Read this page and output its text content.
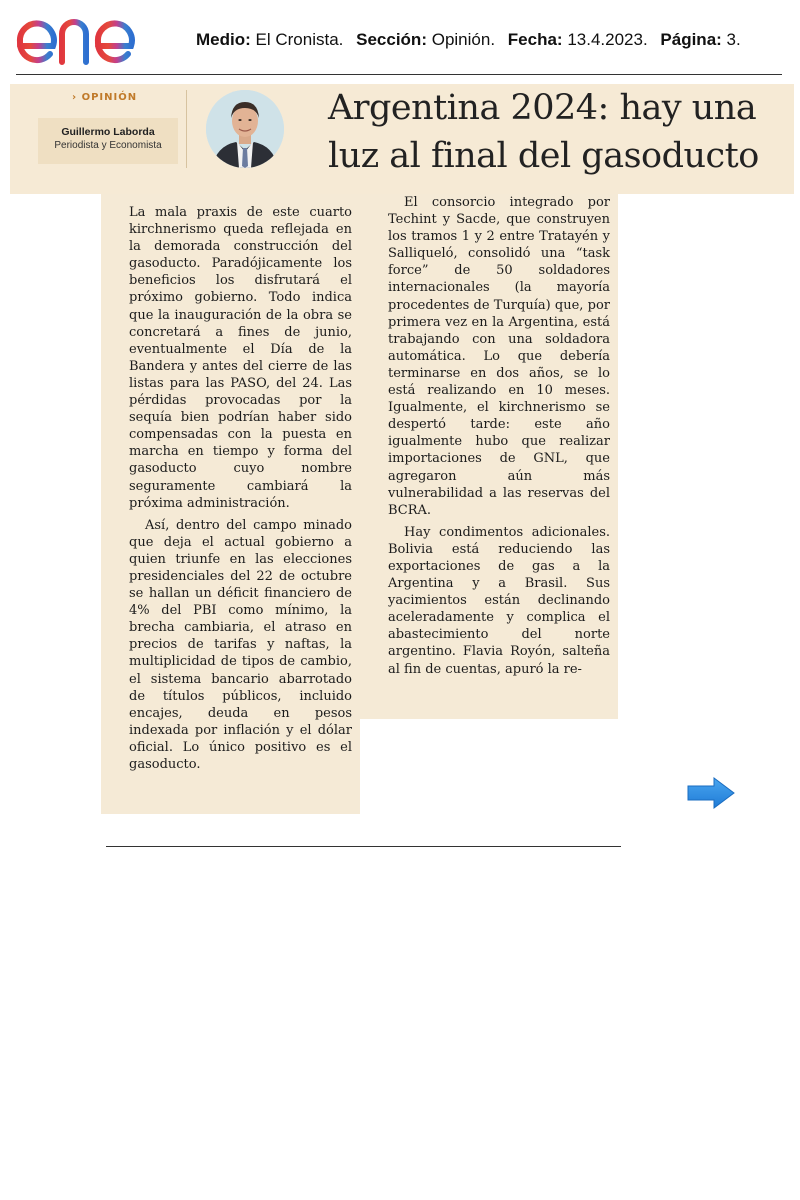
Medio: El Cronista. Sección: Opinión. Fecha: 13.4.2023. Página: 3.
› OPINIÓN
Guillermo Laborda
Periodista y Economista
Argentina 2024: hay una
luz al final del gasoducto

La mala praxis de este cuarto kirchnerismo queda reflejada en la demorada construcción del gasoducto. Paradójicamente los beneficios los disfrutará el próximo gobierno. Todo indica que la inauguración de la obra se concretará a fines de junio, eventualmente el Día de la Bandera y antes del cierre de las listas para las PASO, del 24. Las pérdidas provocadas por la sequía bien podrían haber sido compensadas con la puesta en marcha en tiempo y forma del gasoducto cuyo nombre seguramente cambiará la próxima administración.

Así, dentro del campo minado que deja el actual gobierno a quien triunfe en las elecciones presidenciales del 22 de octubre se hallan un déficit financiero de 4% del PBI como mínimo, la brecha cambiaria, el atraso en precios de tarifas y naftas, la multiplicidad de tipos de cambio, el sistema bancario abarrotado de títulos públicos, incluido encajes, deuda en pesos indexada por inflación y el dólar oficial. Lo único positivo es el gasoducto.

El consorcio integrado por Techint y Sacde, que construyen los tramos 1 y 2 entre Tratayén y Salliqueló, consolidó una “task force” de 50 soldadores internacionales (la mayoría procedentes de Turquía) que, por primera vez en la Argentina, está trabajando con una soldadora automática. Lo que debería terminarse en dos años, se lo está realizando en 10 meses. Igualmente, el kirchnerismo se despertó tarde: este año igualmente hubo que realizar importaciones de GNL, que agregaron aún más vulnerabilidad a las reservas del BCRA.

Hay condimentos adicionales. Bolivia está reduciendo las exportaciones de gas a la Argentina y a Brasil. Sus yacimientos están declinando aceleradamente y complica el abastecimiento del norte argentino. Flavia Royón, salteña al fin de cuentas, apuró la re-
